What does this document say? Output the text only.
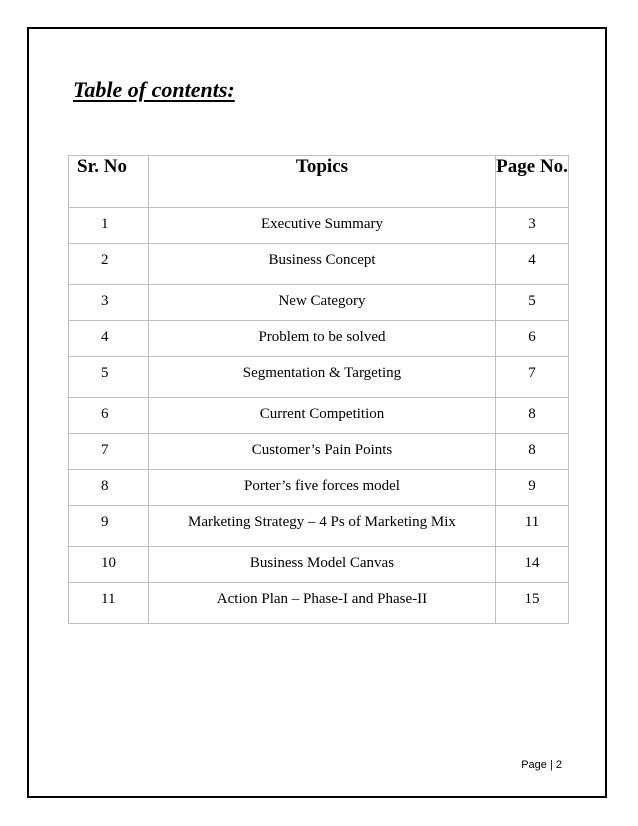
Table of contents:
Sr. No	Topics	Page No.
1	Executive Summary	3
2	Business Concept	4
3	New Category	5
4	Problem to be solved	6
5	Segmentation & Targeting	7
6	Current Competition	8
7	Customer’s Pain Points	8
8	Porter’s five forces model	9
9	Marketing Strategy – 4 Ps of Marketing Mix	11
10	Business Model Canvas	14
11	Action Plan – Phase-I and Phase-II	15
Page | 2
